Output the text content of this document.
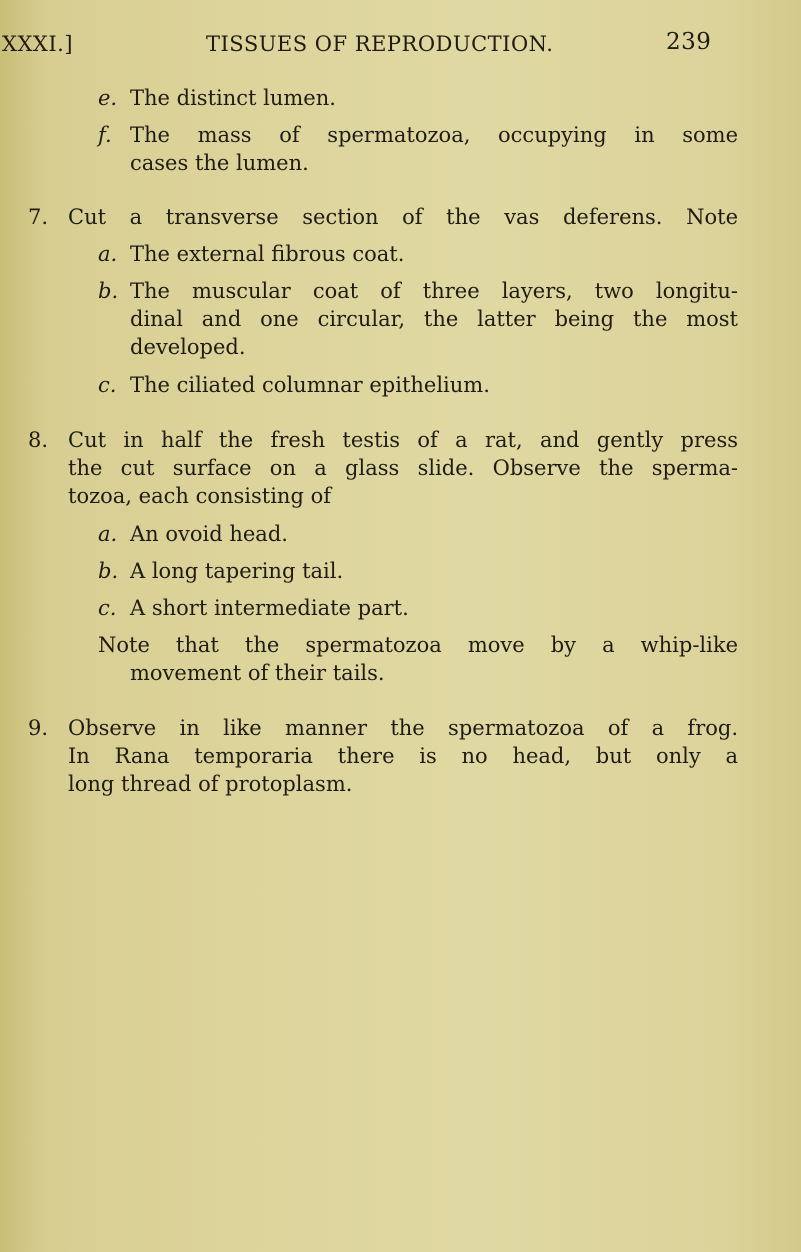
XXXI.]	TISSUES OF REPRODUCTION.	239
e. The distinct lumen.
f. The mass of spermatozoa, occupying in some
cases the lumen.
7. Cut a transverse section of the vas deferens. Note
a. The external fibrous coat.
b. The muscular coat of three layers, two longitu-
dinal and one circular, the latter being the most
developed.
c. The ciliated columnar epithelium.
8. Cut in half the fresh testis of a rat, and gently press
the cut surface on a glass slide. Observe the sperma-
tozoa, each consisting of
a. An ovoid head.
b. A long tapering tail.
c. A short intermediate part.
Note that the spermatozoa move by a whip-like
movement of their tails.
9. Observe in like manner the spermatozoa of a frog.
In Rana temporaria there is no head, but only a
long thread of protoplasm.
